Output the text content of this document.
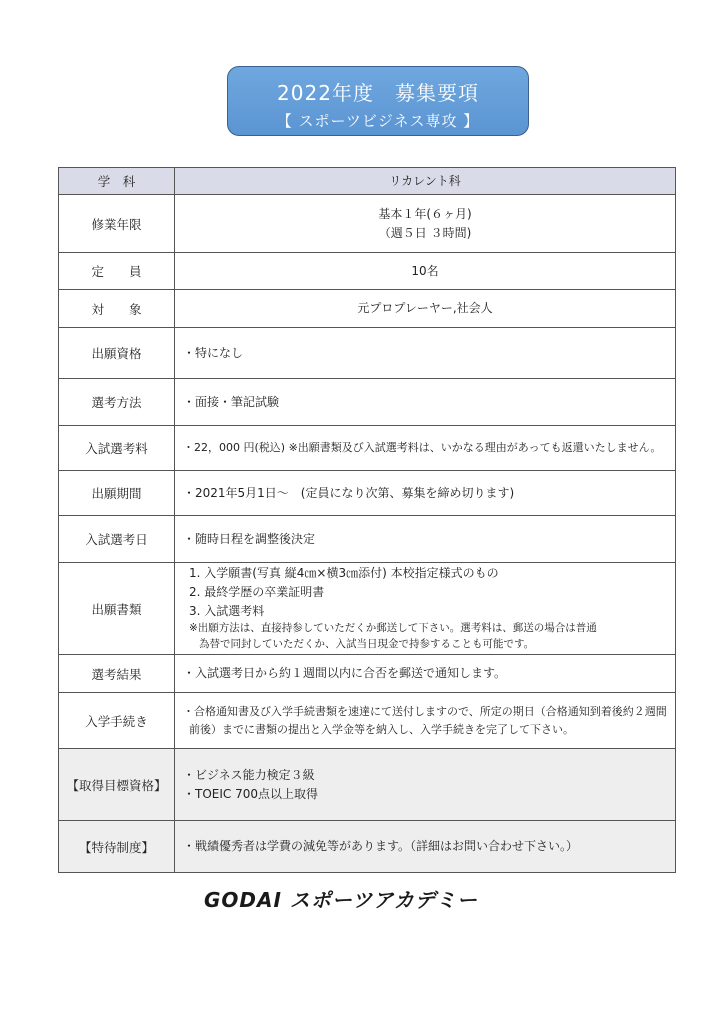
2022年度　募集要項
【 スポーツビジネス専攻 】
学　科	リカレント科
修業年限	基本１年(６ヶ月)
（週５日 ３時間)

定　　員	10名
対　　象	元プロプレーヤー,社会人
出願資格	・特になし
選考方法	・面接・筆記試験
入試選考料	・22，000 円(税込) ※出願書類及び入試選考料は、いかなる理由があっても返還いたしません。
出願期間	・2021年5月1日～　(定員になり次第、募集を締め切ります)
入試選考日	・随時日程を調整後決定
出願書類	1. 入学願書(写真 縦4㎝×横3㎝添付) 本校指定様式のもの
2. 最終学歴の卒業証明書
3. 入試選考料
※出願方法は、直接持参していただくか郵送して下さい。選考料は、郵送の場合は普通
為替で同封していただくか、入試当日現金で持参することも可能です。

選考結果	・入試選考日から約１週間以内に合否を郵送で通知します。
入学手続き	・合格通知書及び入学手続書類を速達にて送付しますので、所定の期日（合格通知到着後約２週間
前後）までに書類の提出と入学金等を納入し、入学手続きを完了して下さい。

【取得目標資格】	・ビジネス能力検定３級
・TOEIC 700点以上取得

【特待制度】	・戦績優秀者は学費の減免等があります。（詳細はお問い合わせ下さい。）
GODAI スポーツアカデミー
